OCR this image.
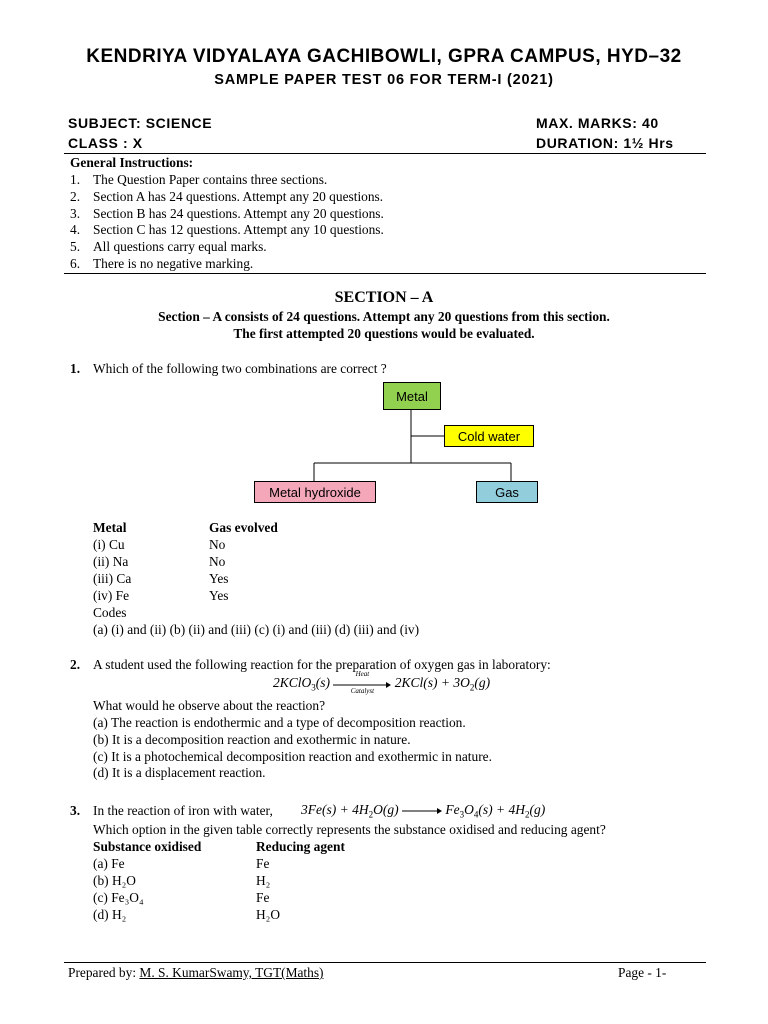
KENDRIYA VIDYALAYA GACHIBOWLI, GPRA CAMPUS, HYD–32
SAMPLE PAPER TEST 06 FOR TERM-I (2021)
SUBJECT: SCIENCE	MAX. MARKS: 40
CLASS : X	DURATION: 1½ Hrs
General Instructions:
1. The Question Paper contains three sections.
2. Section A has 24 questions. Attempt any 20 questions.
3. Section B has 24 questions. Attempt any 20 questions.
4. Section C has 12 questions. Attempt any 10 questions.
5. All questions carry equal marks.
6. There is no negative marking.
SECTION – A
Section – A consists of 24 questions. Attempt any 20 questions from this section.
The first attempted 20 questions would be evaluated.
1. Which of the following two combinations are correct ?
Metal
Cold water
Metal hydroxide	Gas
Metal	Gas evolved
(i) Cu	No
(ii) Na	No
(iii) Ca	Yes
(iv) Fe	Yes
Codes
(a) (i) and (ii) (b) (ii) and (iii) (c) (i) and (iii) (d) (iii) and (iv)
2. A student used the following reaction for the preparation of oxygen gas in laboratory:
2KClO$_3$(s)
Heat
Catalyst
$2KCl(s) + 3O_2(g)$
What would he observe about the reaction?
(a) The reaction is endothermic and a type of decomposition reaction.
(b) It is a decomposition reaction and exothermic in nature.
(c) It is a photochemical decomposition reaction and exothermic in nature.
(d) It is a displacement reaction.
3. In the reaction of iron with water, $3Fe(s) + 4H_2O(g)$	$Fe_3O_4(s) + 4H_2(g)$
Which option in the given table correctly represents the substance oxidised and reducing agent?
Substance oxidised	Reducing agent
(a) Fe	Fe
(b) H₂O	H₂
(c) Fe₃O₄	Fe
(d) H₂	H₂O
Prepared by: M. S. KumarSwamy, TGT(Maths)	Page - 1-
